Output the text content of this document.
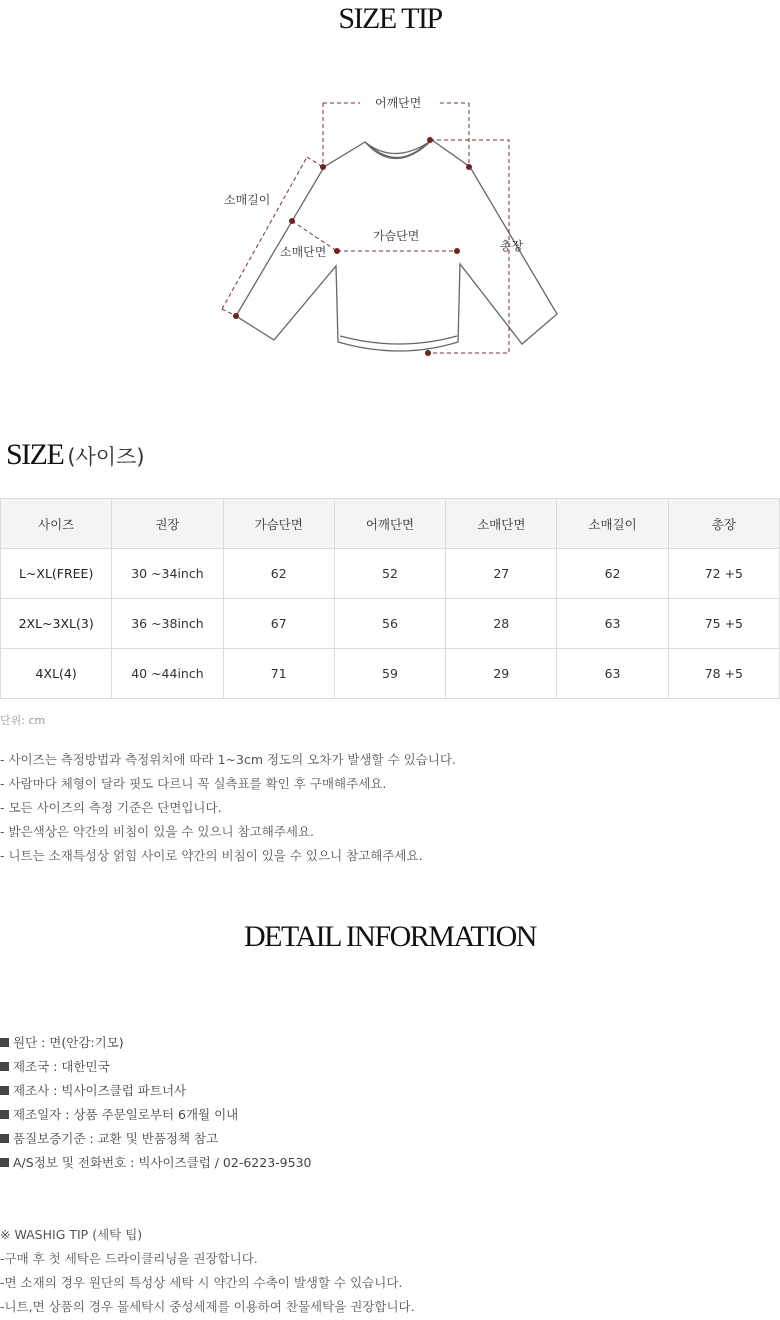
SIZE TIP
어깨단면
소매길이
가슴단면
소매단면	총장
SIZE (사이즈)
사이즈	권장	가슴단면	어깨단면	소매단면	소매길이	총장
L~XL(FREE)	30 ~34inch	62	52	27	62	72 +5
2XL~3XL(3)	36 ~38inch	67	56	28	63	75 +5
4XL(4)	40 ~44inch	71	59	29	63	78 +5
단위: cm
- 사이즈는 측정방법과 측정위치에 따라 1~3cm 정도의 오차가 발생할 수 있습니다.
- 사람마다 체형이 달라 핏도 다르니 꼭 실측표를 확인 후 구매해주세요.
- 모든 사이즈의 측정 기준은 단면입니다.
- 밝은색상은 약간의 비침이 있을 수 있으니 참고해주세요.
- 니트는 소재특성상 얽힘 사이로 약간의 비침이 있을 수 있으니 참고해주세요.
DETAIL INFORMATION
원단 : 면(안감:기모)
제조국 : 대한민국
제조사 : 빅사이즈클럽 파트너사
제조일자 : 상품 주문일로부터 6개월 이내
품질보증기준 : 교환 및 반품정책 참고
A/S정보 및 전화번호 : 빅사이즈클럽 / 02-6223-9530
※ WASHIG TIP (세탁 팁)
-구매 후 첫 세탁은 드라이클리닝을 권장합니다.
-면 소재의 경우 원단의 특성상 세탁 시 약간의 수축이 발생할 수 있습니다.
-니트,면 상품의 경우 물세탁시 중성세제를 이용하여 찬물세탁을 권장합니다.
